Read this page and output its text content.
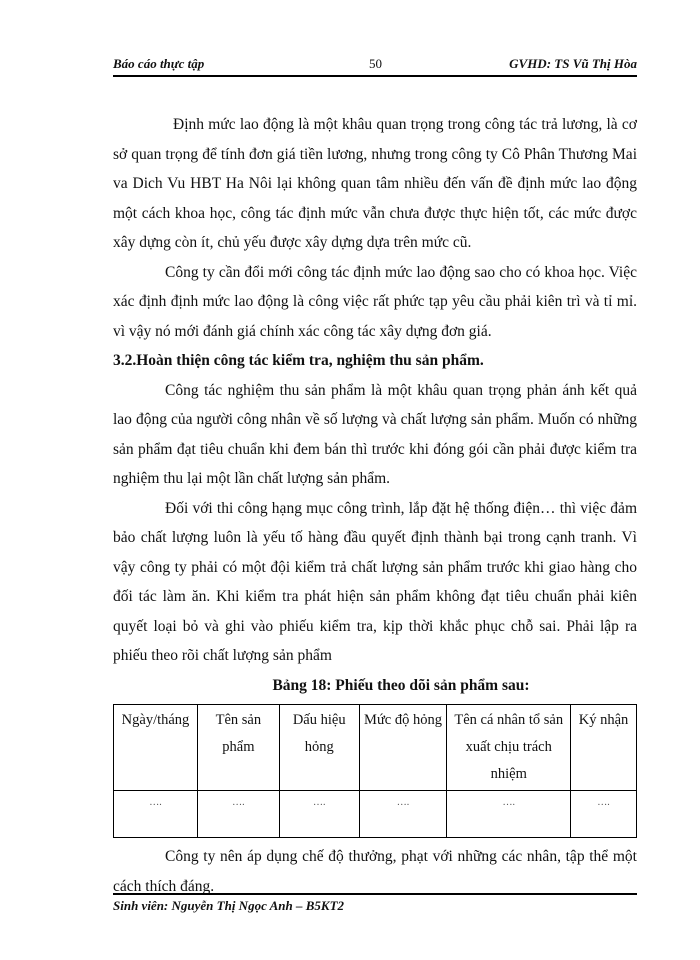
Báo cáo thực tập	50	GVHD: TS Vũ Thị Hòa

Định mức lao động là một khâu quan trọng trong công tác trả lương, là cơ sở quan trọng để tính đơn giá tiền lương, nhưng trong công ty Cô Phân Thương Mai va Dich Vu HBT Ha Nôi lại không quan tâm nhiều đến vấn đề định mức lao động một cách khoa học, công tác định mức vẫn chưa được thực hiện tốt, các mức được xây dựng còn ít, chủ yếu được xây dựng dựa trên mức cũ.

Công ty cần đổi mới công tác định mức lao động sao cho có khoa học. Việc xác định định mức lao động là công việc rất phức tạp yêu cầu phải kiên trì và tỉ mỉ. vì vậy nó mới đánh giá chính xác công tác xây dựng đơn giá.

3.2.Hoàn thiện công tác kiểm tra, nghiệm thu sản phẩm.

Công tác nghiệm thu sản phẩm là một khâu quan trọng phản ánh kết quả lao động của người công nhân về số lượng và chất lượng sản phẩm. Muốn có những sản phẩm đạt tiêu chuẩn khi đem bán thì trước khi đóng gói cần phải được kiểm tra nghiệm thu lại một lần chất lượng sản phẩm.

Đối với thi công hạng mục công trình, lắp đặt hệ thống điện… thì việc đảm bảo chất lượng luôn là yếu tố hàng đầu quyết định thành bại trong cạnh tranh. Vì vậy công ty phải có một đội kiểm trả chất lượng sản phẩm trước khi giao hàng cho đối tác làm ăn. Khi kiểm tra phát hiện sản phẩm không đạt tiêu chuẩn phải kiên quyết loại bỏ và ghi vào phiếu kiểm tra, kịp thời khắc phục chỗ sai. Phải lập ra phiếu theo rõi chất lượng sản phẩm

Bảng 18: Phiếu theo dõi sản phẩm sau:

Ngày/tháng	Tên sản phẩm	Dấu hiệu hỏng	Mức độ hỏng	Tên cá nhân tổ sản xuất chịu trách nhiệm	Ký nhận
….	….	….	….	….	….

Công ty nên áp dụng chế độ thưởng, phạt với những các nhân, tập thể một cách thích đáng.

Sinh viên: Nguyễn Thị Ngọc Anh – B5KT2
